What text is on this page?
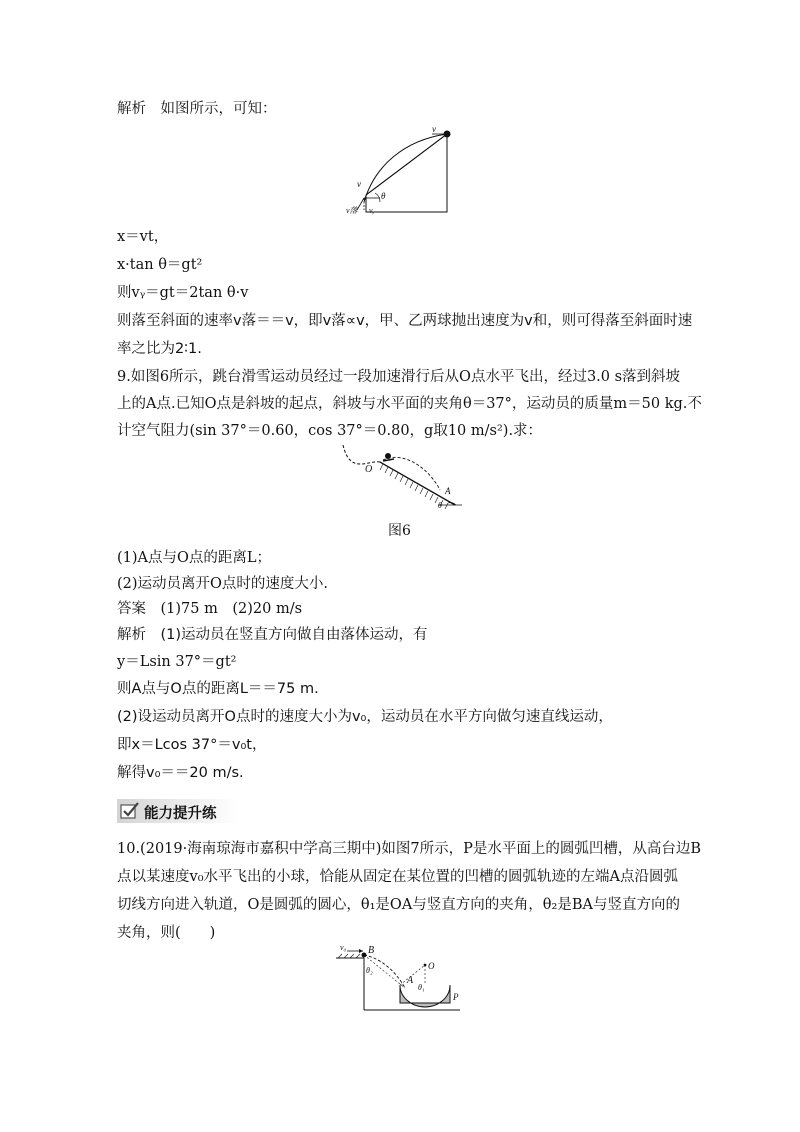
解析　如图所示，可知：
v
v
θ
v落 vᵧ
x＝vt，
x·tan θ＝gt²
则vᵧ＝gt＝2tan θ·v
则落至斜面的速率v落＝＝v，即v落∝v，甲、乙两球抛出速度为v和，则可得落至斜面时速
率之比为2∶1.
9.如图6所示，跳台滑雪运动员经过一段加速滑行后从O点水平飞出，经过3.0 s落到斜坡
上的A点.已知O点是斜坡的起点，斜坡与水平面的夹角θ＝37°，运动员的质量m＝50 kg.不
计空气阻力(sin 37°＝0.60，cos 37°＝0.80，g取10 m/s²).求：
O
A
θ
图6
(1)A点与O点的距离L；
(2)运动员离开O点时的速度大小.
答案　(1)75 m　(2)20 m/s
解析　(1)运动员在竖直方向做自由落体运动，有
y＝Lsin 37°＝gt²
则A点与O点的距离L＝＝75 m.
(2)设运动员离开O点时的速度大小为v₀，运动员在水平方向做匀速直线运动，
即x＝Lcos 37°＝v₀t，
解得v₀＝＝20 m/s.
能力提升练
10.(2019·海南琼海市嘉积中学高三期中)如图7所示，P是水平面上的圆弧凹槽，从高台边B
点以某速度v₀水平飞出的小球，恰能从固定在某位置的凹槽的圆弧轨迹的左端A点沿圆弧
切线方向进入轨道，O是圆弧的圆心，θ₁是OA与竖直方向的夹角，θ₂是BA与竖直方向的
夹角，则(　　)
v₀ B
θ₂
A
O
θ₁
P
